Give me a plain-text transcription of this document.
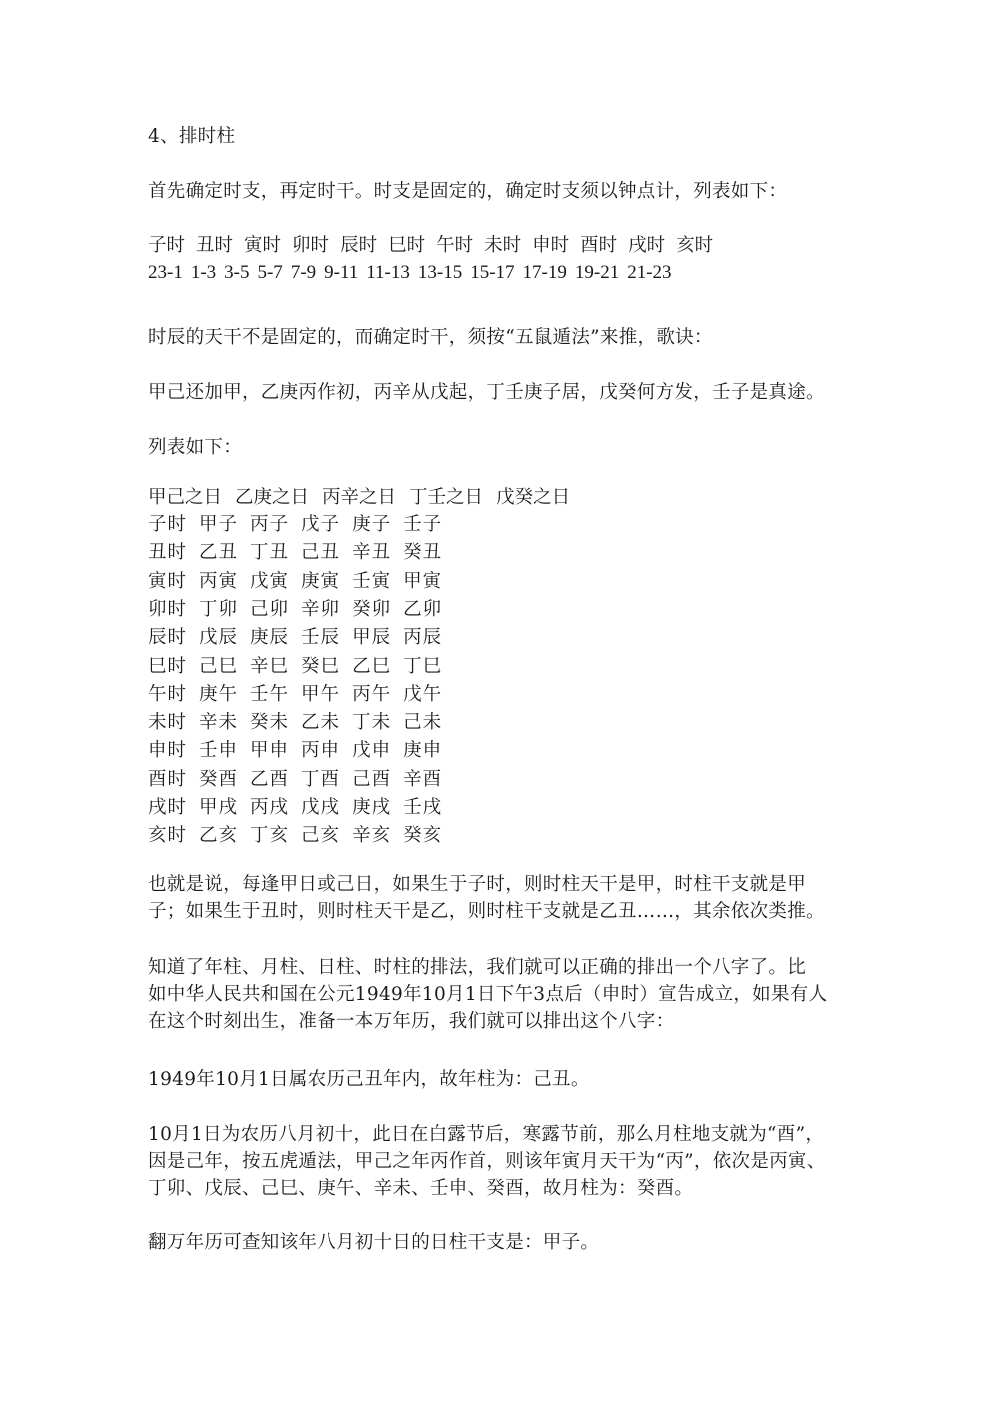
4、排时柱
首先确定时支，再定时干。时支是固定的，确定时支须以钟点计，列表如下：
子时 丑时 寅时 卯时 辰时 巳时 午时 未时 申时 酉时 戌时 亥时
23-1 1-3 3-5 5-7 7-9 9-11 11-13 13-15 15-17 17-19 19-21 21-23
时辰的天干不是固定的，而确定时干，须按“五鼠遁法”来推，歌诀：
甲己还加甲，乙庚丙作初，丙辛从戊起，丁壬庚子居，戊癸何方发，壬子是真途。
列表如下：
甲己之日 乙庚之日 丙辛之日 丁壬之日 戊癸之日
子时 甲子 丙子 戊子 庚子 壬子
丑时 乙丑 丁丑 己丑 辛丑 癸丑
寅时 丙寅 戊寅 庚寅 壬寅 甲寅
卯时 丁卯 己卯 辛卯 癸卯 乙卯
辰时 戊辰 庚辰 壬辰 甲辰 丙辰
巳时 己巳 辛巳 癸巳 乙巳 丁巳
午时 庚午 壬午 甲午 丙午 戊午
未时 辛未 癸未 乙未 丁未 己未
申时 壬申 甲申 丙申 戊申 庚申
酉时 癸酉 乙酉 丁酉 己酉 辛酉
戌时 甲戌 丙戌 戊戌 庚戌 壬戌
亥时 乙亥 丁亥 己亥 辛亥 癸亥
也就是说，每逢甲日或己日，如果生于子时，则时柱天干是甲，时柱干支就是甲
子；如果生于丑时，则时柱天干是乙，则时柱干支就是乙丑……，其余依次类推。
知道了年柱、月柱、日柱、时柱的排法，我们就可以正确的排出一个八字了。比
如中华人民共和国在公元1949年10月1日下午3点后（申时）宣告成立，如果有人
在这个时刻出生，准备一本万年历，我们就可以排出这个八字：
1949年10月1日属农历己丑年内，故年柱为：己丑。
10月1日为农历八月初十，此日在白露节后，寒露节前，那么月柱地支就为“酉”，
因是己年，按五虎遁法，甲己之年丙作首，则该年寅月天干为“丙”，依次是丙寅、
丁卯、戊辰、己巳、庚午、辛未、壬申、癸酉，故月柱为：癸酉。
翻万年历可查知该年八月初十日的日柱干支是：甲子。
